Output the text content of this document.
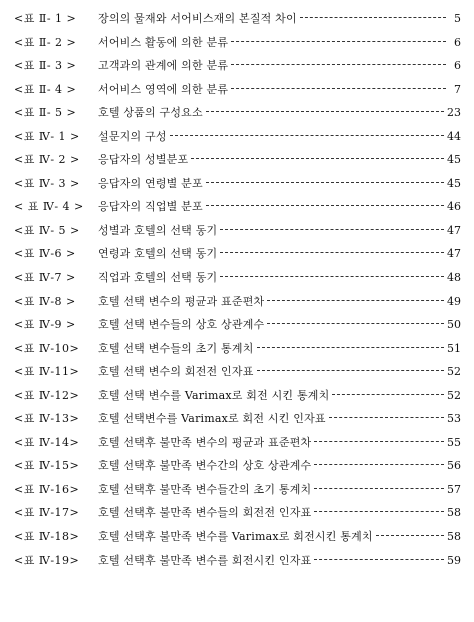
<표 Ⅱ- 1 >	장의의 물재와 서어비스재의 본질적 차이	5
<표 Ⅱ- 2 >	서어비스 활동에 의한 분류	6
<표 Ⅱ- 3 >	고객과의 관계에 의한 분류	6
<표 Ⅱ- 4 >	서어비스 영역에 의한 분류	7
<표 Ⅱ- 5 >	호텔 상품의 구성요소	23
<표 Ⅳ- 1 >	설문지의 구성	44
<표 Ⅳ- 2 >	응답자의 성별분포	45
<표 Ⅳ- 3 >	응답자의 연령별 분포	45
< 표 Ⅳ- 4 >	응답자의 직업별 분포	46
<표 Ⅳ- 5 >	성별과 호텔의 선택 동기	47
<표 Ⅳ-6 >	연령과 호텔의 선택 동기	47
<표 Ⅳ-7 >	직업과 호텔의 선택 동기	48
<표 Ⅳ-8 >	호텔 선택 변수의 평균과 표준편차	49
<표 Ⅳ-9 >	호텔 선택 변수들의 상호 상관계수	50
<표 Ⅳ-10>	호텔 선택 변수들의 초기 통계치	51
<표 Ⅳ-11>	호텔 선택 변수의 회전전 인자표	52
<표 Ⅳ-12>	호텔 선택 변수를 Varimax로 회전 시킨 통계치	52
<표 Ⅳ-13>	호텔 선택변수를 Varimax로 회전 시킨 인자표	53
<표 Ⅳ-14>	호텔 선택후 불만족 변수의 평균과 표준편차	55
<표 Ⅳ-15>	호텔 선택후 불만족 변수간의 상호 상관계수	56
<표 Ⅳ-16>	호텔 선택후 불만족 변수들간의 초기 통계치	57
<표 Ⅳ-17>	호텔 선택후 불만족 변수들의 회전전 인자표	58
<표 Ⅳ-18>	호텔 선택후 불만족 변수를 Varimax로 회전시킨 통계치	58
<표 Ⅳ-19>	호텔 선택후 불만족 변수를 회전시킨 인자표	59
